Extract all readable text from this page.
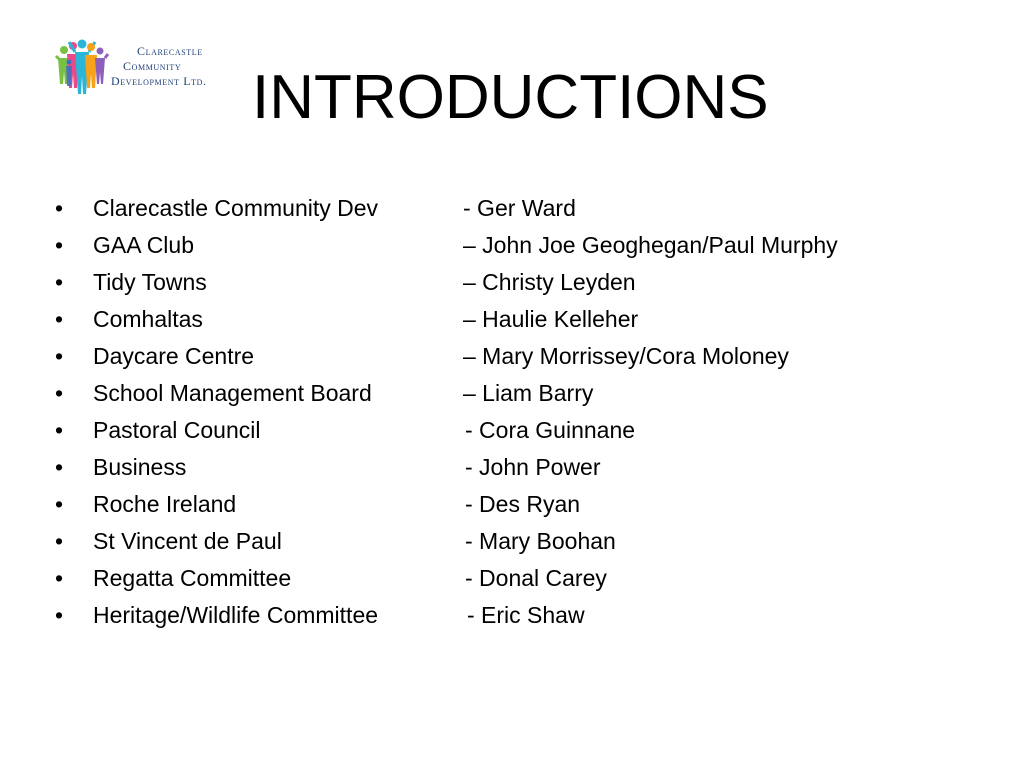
Clarecastle
Community
Development Ltd. INTRODUCTIONS
• Clarecastle Community Dev	- Ger Ward
• GAA Club	– John Joe Geoghegan/Paul Murphy
• Tidy Towns	– Christy Leyden
• Comhaltas	– Haulie Kelleher
• Daycare Centre	– Mary Morrissey/Cora Moloney
• School Management Board	– Liam Barry
• Pastoral Council	- Cora Guinnane
• Business	- John Power
• Roche Ireland	- Des Ryan
• St Vincent de Paul	- Mary Boohan
• Regatta Committee	- Donal Carey
• Heritage/Wildlife Committee	- Eric Shaw
